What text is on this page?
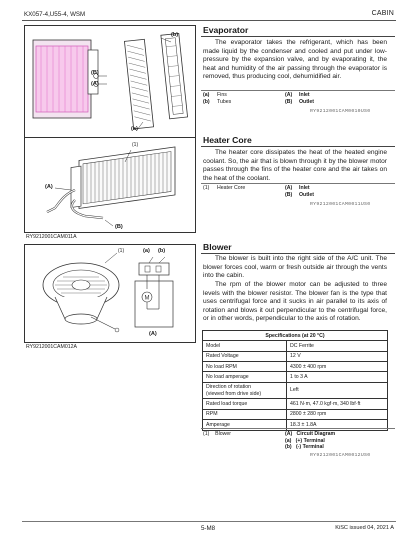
KX057-4,U55-4, WSM	CABIN
(b)
(B)
(A)
(a)
(1)
(A)
(B)
RY9212001CAM011A
M
(1)	(a) (b)
(A)
RY9212001CAM012A
Evaporator
The evaporator takes the refrigerant, which has been made liquid by the condenser and cooled and put under low-pressure by the expansion valve, and by evaporating it, the heat and humidity of the air passing through the evaporator is removed, thus producing cool, dehumidified air.
(a)	Fins	(A)	Inlet
(b)	Tubes	(B)	Outlet
RY9212001CAM0010US0
Heater Core
The heater core dissipates the heat of the heated engine coolant. So, the air that is blown through it by the blower motor passes through the fins of the heater core and the air takes on the heat of the coolant.
(1)	Heater Core	(A)	Inlet
(B)	Outlet
RY9212001CAM0011US0
Blower
The blower is built into the right side of the A/C unit. The blower forces cool, warm or fresh outside air through the vents into the cabin.
The rpm of the blower motor can be adjusted to three levels with the blower resistor. The blower fan is the type that uses centrifugal force and it sucks in air parallel to its axis of rotation and blows it out perpendicular to the centrifugal force, or in other words, perpendicular to the axis of rotation.
Specifications (at 20 °C)	
Model	DC Ferrite
Rated Voltage	12 V
No load RPM	4300 ± 400 rpm
No load amperage	1 to 3 A
Direction of rotation
(viewed from drive side)	Left
Rated load torque	461 N·m, 47.0 kgf·m, 340 lbf·ft
RPM	2800 ± 280 rpm
Amperage	18.3 ± 1.8A
(1)    Blower	(A)   Circuit Diagram
(a)   (+) Terminal
(b)   (-) Terminal
RY9212001CAM0012US0
5-M8	KiSC issued 04, 2021 A
